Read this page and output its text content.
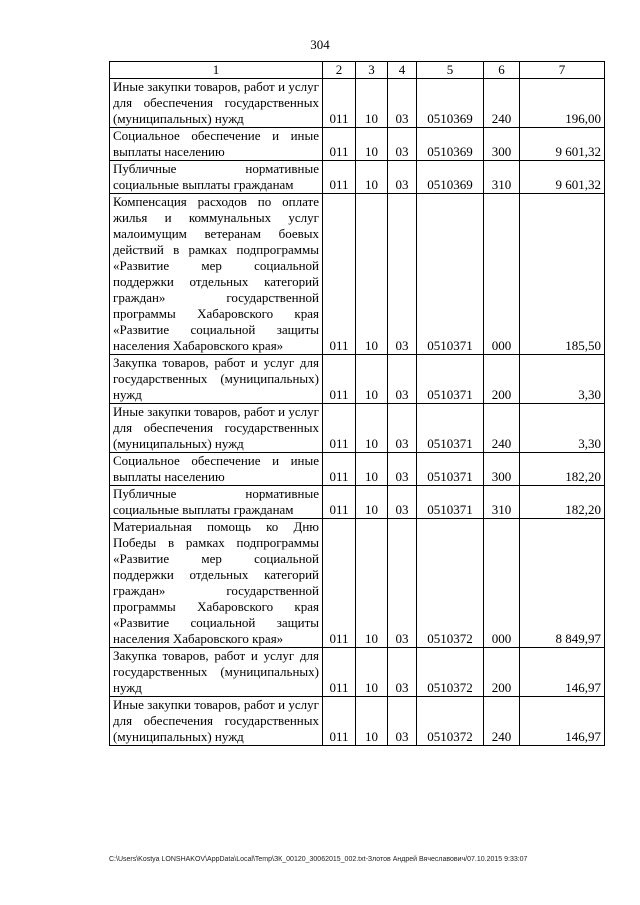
304
1	2	3	4	5	6	7
Иные закупки товаров, работ и услуг для обеспечения государственных (муниципальных) нужд	011	10	03	0510369	240	196,00
Социальное обеспечение и иные выплаты населению	011	10	03	0510369	300	9 601,32
Публичные нормативные социальные выплаты гражданам	011	10	03	0510369	310	9 601,32
Компенсация расходов по оплате жилья и коммунальных услуг малоимущим ветеранам боевых действий в рамках подпрограммы «Развитие мер социальной поддержки отдельных категорий граждан» государственной программы Хабаровского края «Развитие социальной защиты населения Хабаровского края»	011	10	03	0510371	000	185,50
Закупка товаров, работ и услуг для государственных (муниципальных) нужд	011	10	03	0510371	200	3,30
Иные закупки товаров, работ и услуг для обеспечения государственных (муниципальных) нужд	011	10	03	0510371	240	3,30
Социальное обеспечение и иные выплаты населению	011	10	03	0510371	300	182,20
Публичные нормативные социальные выплаты гражданам	011	10	03	0510371	310	182,20
Материальная помощь ко Дню Победы в рамках подпрограммы «Развитие мер социальной поддержки отдельных категорий граждан» государственной программы Хабаровского края «Развитие социальной защиты населения Хабаровского края»	011	10	03	0510372	000	8 849,97
Закупка товаров, работ и услуг для государственных (муниципальных) нужд	011	10	03	0510372	200	146,97
Иные закупки товаров, работ и услуг для обеспечения государственных (муниципальных) нужд	011	10	03	0510372	240	146,97
C:\Users\Kostya LONSHAKOV\AppData\Local\Temp\ЗК_00120_30062015_002.txt-Злотов Андрей Вячеславович/07.10.2015 9:33:07
